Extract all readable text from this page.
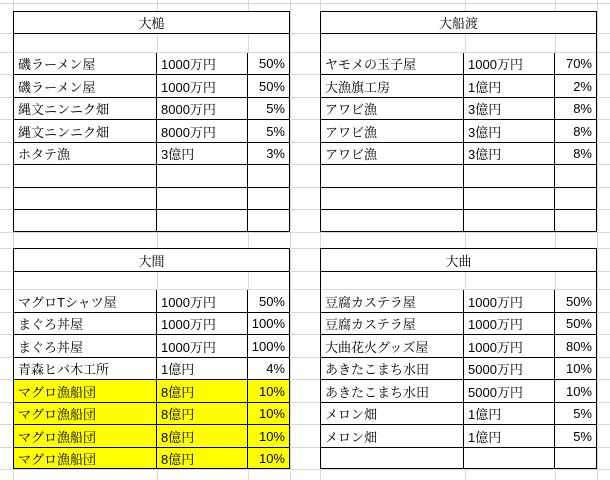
大槌
磯ラーメン屋	1000万円	50%
磯ラーメン屋	1000万円	50%
縄文ニンニク畑	8000万円	5%
縄文ニンニク畑	8000万円	5%
ホタテ漁	3億円	3%
大船渡
ヤモメの玉子屋	1000万円	70%
大漁旗工房	1億円	2%
アワビ漁	3億円	8%
アワビ漁	3億円	8%
アワビ漁	3億円	8%
大間
マグロTシャツ屋	1000万円	50%
まぐろ丼屋	1000万円	100%
まぐろ丼屋	1000万円	100%
青森ヒバ木工所	1億円	4%
マグロ漁船団	8億円	10%
マグロ漁船団	8億円	10%
マグロ漁船団	8億円	10%
マグロ漁船団	8億円	10%
大曲
豆腐カステラ屋	1000万円	50%
豆腐カステラ屋	1000万円	50%
大曲花火グッズ屋	1000万円	80%
あきたこまち水田	5000万円	10%
あきたこまち水田	5000万円	10%
メロン畑	1億円	5%
メロン畑	1億円	5%
